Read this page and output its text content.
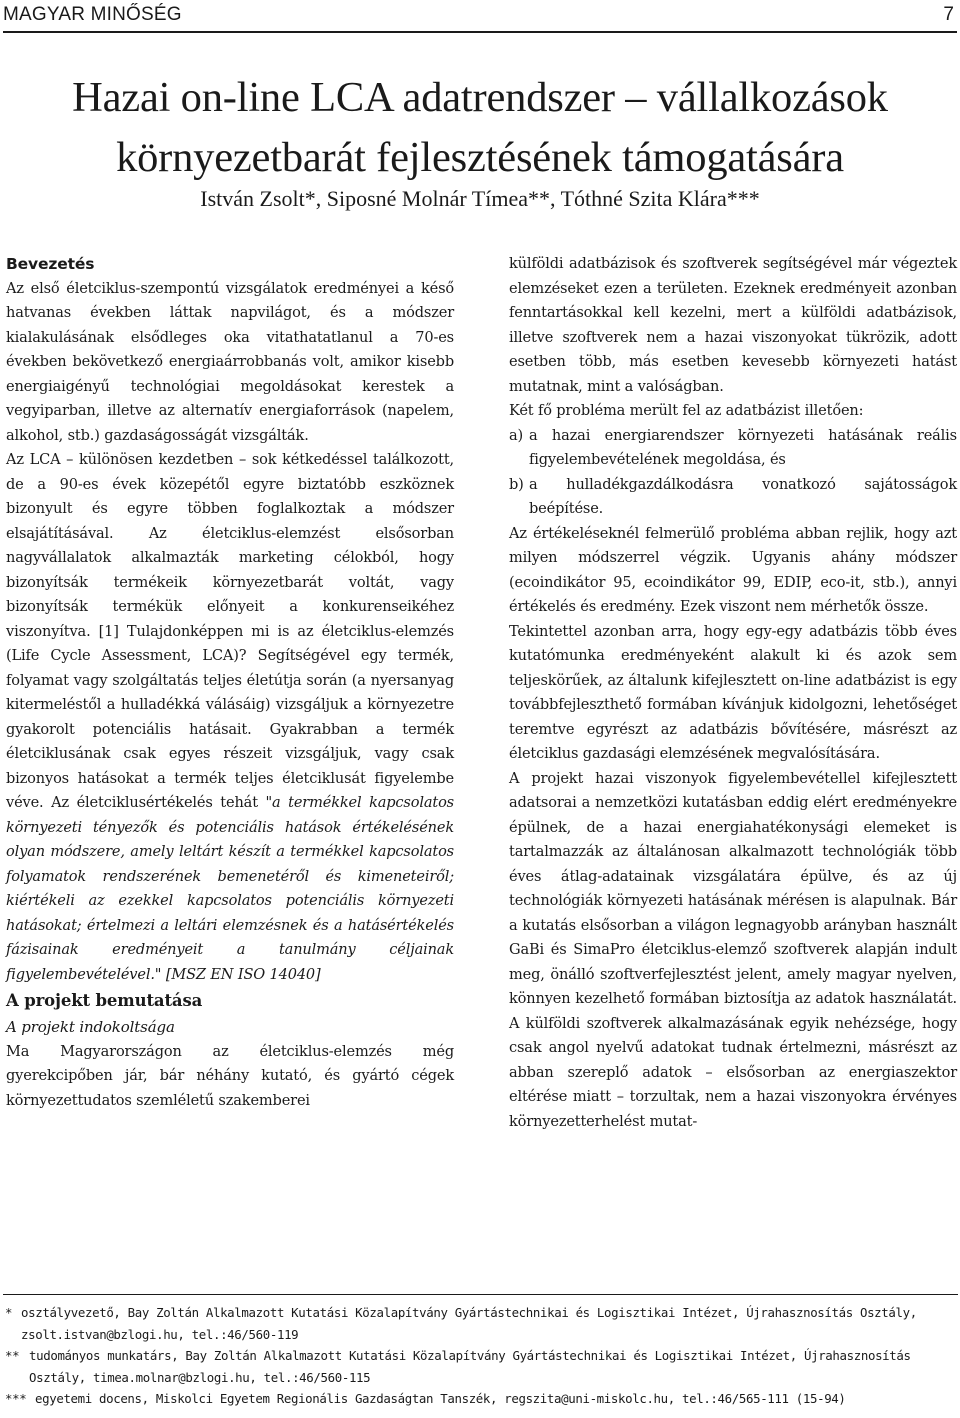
MAGYAR MINŐSÉG	7
Hazai on-line LCA adatrendszer – vállalkozások
környezetbarát fejlesztésének támogatására
István Zsolt*, Siposné Molnár Tímea**, Tóthné Szita Klára***

Bevezetés

Az első életciklus-szempontú vizsgálatok eredményei a késő hatvanas években láttak napvilágot, és a módszer kialakulásának elsődleges oka vitathatatlanul a 70-es években bekövetkező energiaárrobbanás volt, amikor kisebb energiaigényű technológiai megoldásokat kerestek a vegyiparban, illetve az alternatív energiaforrások (napelem, alkohol, stb.) gazdaságosságát vizsgálták.

Az LCA – különösen kezdetben – sok kétkedéssel találkozott, de a 90-es évek közepétől egyre biztatóbb eszköznek bizonyult és egyre többen foglalkoztak a módszer elsajátításával. Az életciklus-elemzést elsősorban nagyvállalatok alkalmazták marketing célokból, hogy bizonyítsák termékeik környezetbarát voltát, vagy bizonyítsák termékük előnyeit a konkurenseikéhez viszonyítva. [1] Tulajdonképpen mi is az életciklus-elemzés (Life Cycle Assessment, LCA)? Segítségével egy termék, folyamat vagy szolgáltatás teljes életútja során (a nyersanyag kitermeléstől a hulladékká válásáig) vizsgáljuk a környezetre gyakorolt potenciális hatásait. Gyakrabban a termék életciklusának csak egyes részeit vizsgáljuk, vagy csak bizonyos hatásokat a termék teljes életciklusát figyelembe véve. Az életciklusértékelés tehát "a termékkel kapcsolatos környezeti tényezők és potenciális hatások értékelésének olyan módszere, amely leltárt készít a termékkel kapcsolatos folyamatok rendszerének bemenetéről és kimeneteiről; kiértékeli az ezekkel kapcsolatos potenciális környezeti hatásokat; értelmezi a leltári elemzésnek és a hatásértékelés fázisainak eredményeit a tanulmány céljainak figyelembevételével." [MSZ EN ISO 14040]

A projekt bemutatása

A projekt indokoltsága

Ma Magyarországon az életciklus-elemzés még gyerekcipőben jár, bár néhány kutató, és gyártó cégek környezettudatos szemléletű szakemberei

külföldi adatbázisok és szoftverek segítségével már végeztek elemzéseket ezen a területen. Ezeknek eredményeit azonban fenntartásokkal kell kezelni, mert a külföldi adatbázisok, illetve szoftverek nem a hazai viszonyokat tükrözik, adott esetben több, más esetben kevesebb környezeti hatást mutatnak, mint a valóságban.

Két fő probléma merült fel az adatbázist illetően:

a) a hazai energiarendszer környezeti hatásának reális figyelembevételének megoldása, és
b) a hulladékgazdálkodásra vonatkozó sajátosságok beépítése.

Az értékeléseknél felmerülő probléma abban rejlik, hogy azt milyen módszerrel végzik. Ugyanis ahány módszer (ecoindikátor 95, ecoindikátor 99, EDIP, eco-it, stb.), annyi értékelés és eredmény. Ezek viszont nem mérhetők össze.

Tekintettel azonban arra, hogy egy-egy adatbázis több éves kutatómunka eredményeként alakult ki és azok sem teljeskörűek, az általunk kifejlesztett on-line adatbázist is egy továbbfejleszthető formában kívánjuk kidolgozni, lehetőséget teremtve egyrészt az adatbázis bővítésére, másrészt az életciklus gazdasági elemzésének megvalósítására.

A projekt hazai viszonyok figyelembevétellel kifejlesztett adatsorai a nemzetközi kutatásban eddig elért eredményekre épülnek, de a hazai energiahatékonysági elemeket is tartalmazzák az általánosan alkalmazott technológiák több éves átlag-adatainak vizsgálatára épülve, és az új technológiák környezeti hatásának mérésen is alapulnak. Bár a kutatás elsősorban a világon legnagyobb arányban használt GaBi és SimaPro életciklus-elemző szoftverek alapján indult meg, önálló szoftverfejlesztést jelent, amely magyar nyelven, könnyen kezelhető formában biztosítja az adatok használatát. A külföldi szoftverek alkalmazásának egyik nehézsége, hogy csak angol nyelvű adatokat tudnak értelmezni, másrészt az abban szereplő adatok – elsősorban az energiaszektor eltérése miatt – torzultak, nem a hazai viszonyokra érvényes környezetterhelést mutat-

* osztályvezető, Bay Zoltán Alkalmazott Kutatási Közalapítvány Gyártástechnikai és Logisztikai Intézet, Újrahasznosítás Osztály, zsolt.istvan@bzlogi.hu, tel.:46/560-119
** tudományos munkatárs, Bay Zoltán Alkalmazott Kutatási Közalapítvány Gyártástechnikai és Logisztikai Intézet, Újrahasznosítás Osztály, timea.molnar@bzlogi.hu, tel.:46/560-115
*** egyetemi docens, Miskolci Egyetem Regionális Gazdaságtan Tanszék, regszita@uni-miskolc.hu, tel.:46/565-111 (15-94)
